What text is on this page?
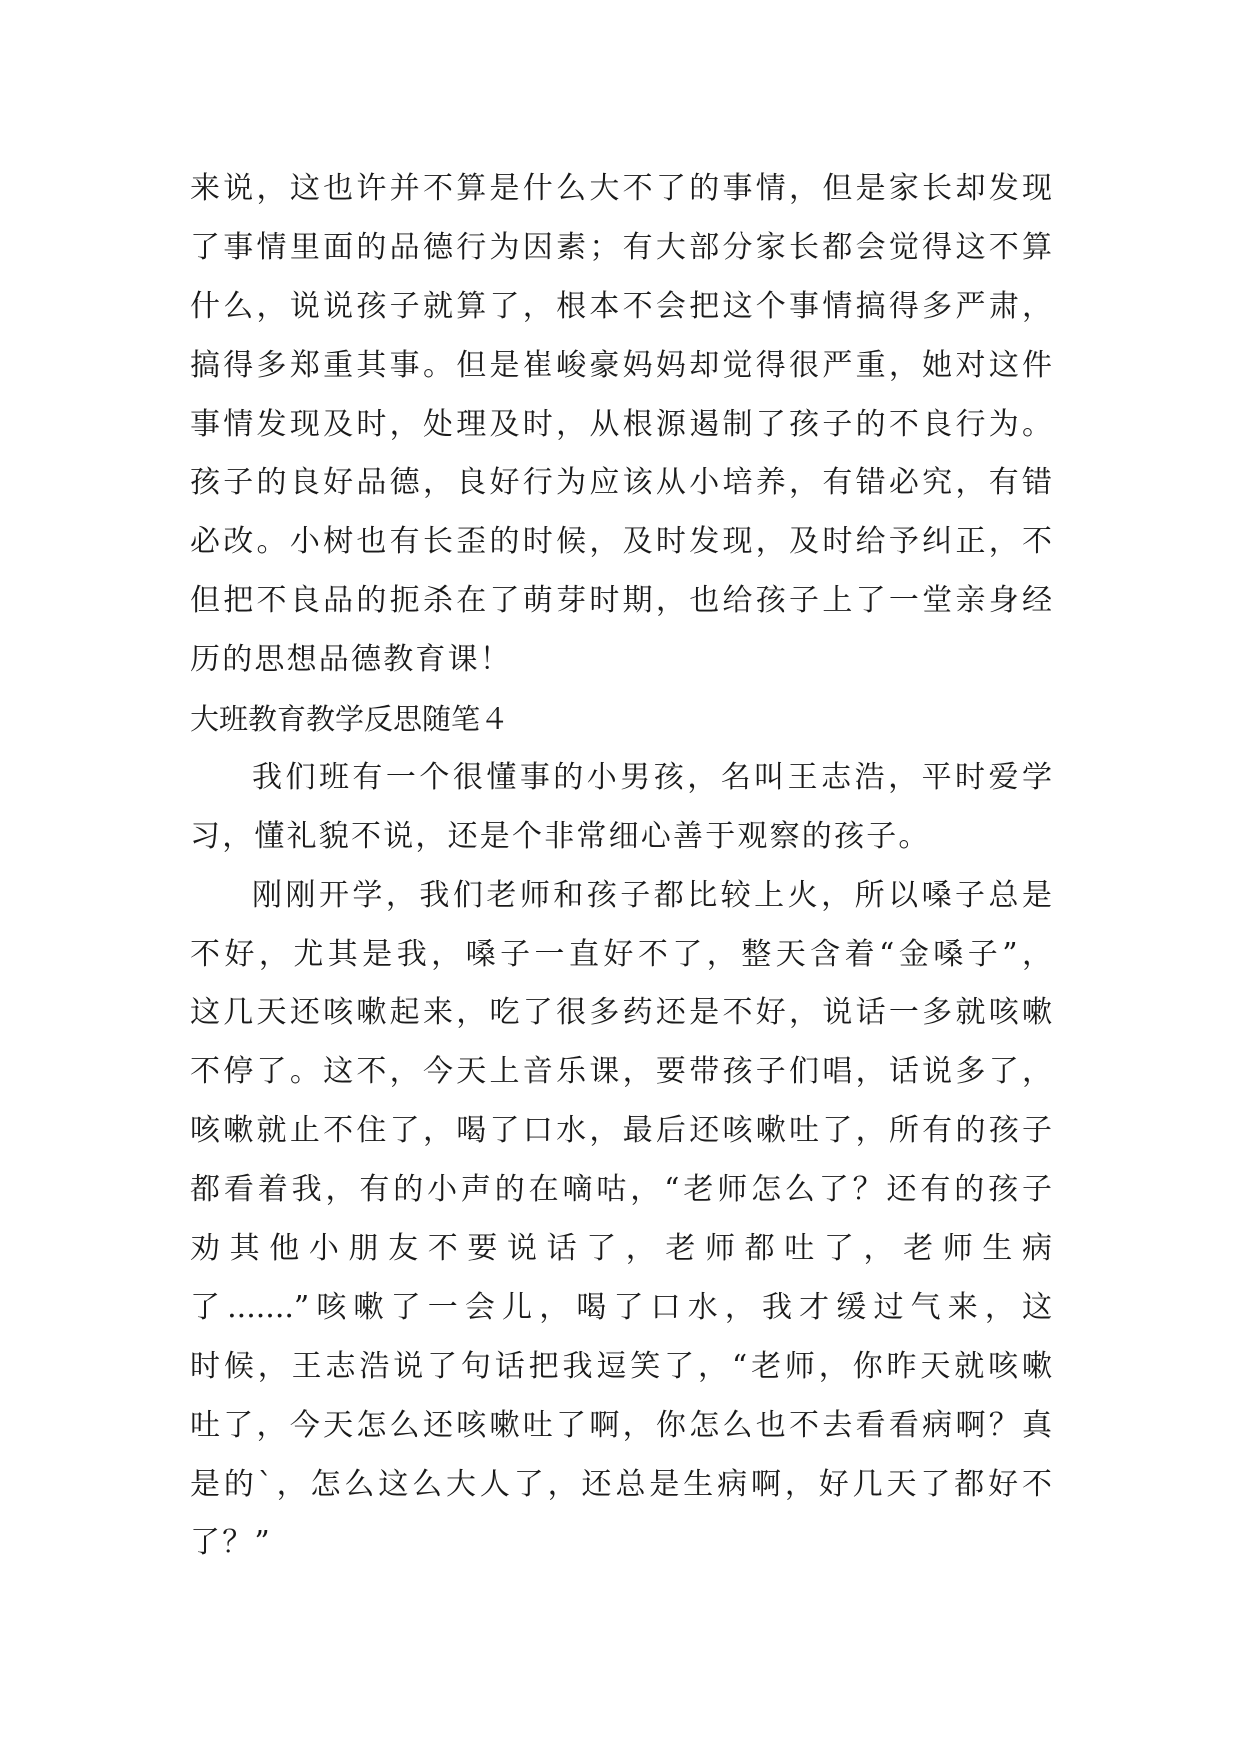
来说，这也许并不算是什么大不了的事情，但是家长却发现
了事情里面的品德行为因素；有大部分家长都会觉得这不算
什么，说说孩子就算了，根本不会把这个事情搞得多严肃，
搞得多郑重其事。但是崔峻豪妈妈却觉得很严重，她对这件
事情发现及时，处理及时，从根源遏制了孩子的不良行为。
孩子的良好品德，良好行为应该从小培养，有错必究，有错
必改。小树也有长歪的时候，及时发现，及时给予纠正，不
但把不良品的扼杀在了萌芽时期，也给孩子上了一堂亲身经
历的思想品德教育课！
大班教育教学反思随笔４
我们班有一个很懂事的小男孩，名叫王志浩，平时爱学
习，懂礼貌不说，还是个非常细心善于观察的孩子。
刚刚开学，我们老师和孩子都比较上火，所以嗓子总是
不好，尤其是我，嗓子一直好不了，整天含着“金嗓子”，
这几天还咳嗽起来，吃了很多药还是不好，说话一多就咳嗽
不停了。这不，今天上音乐课，要带孩子们唱，话说多了，
咳嗽就止不住了，喝了口水，最后还咳嗽吐了，所有的孩子
都看着我，有的小声的在嘀咕，“老师怎么了？还有的孩子
劝其他小朋友不要说话了，老师都吐了，老师生病
了.......”咳嗽了一会儿，喝了口水，我才缓过气来，这
时候，王志浩说了句话把我逗笑了，“老师，你昨天就咳嗽
吐了，今天怎么还咳嗽吐了啊，你怎么也不去看看病啊？真
是的`，怎么这么大人了，还总是生病啊，好几天了都好不
了？”
